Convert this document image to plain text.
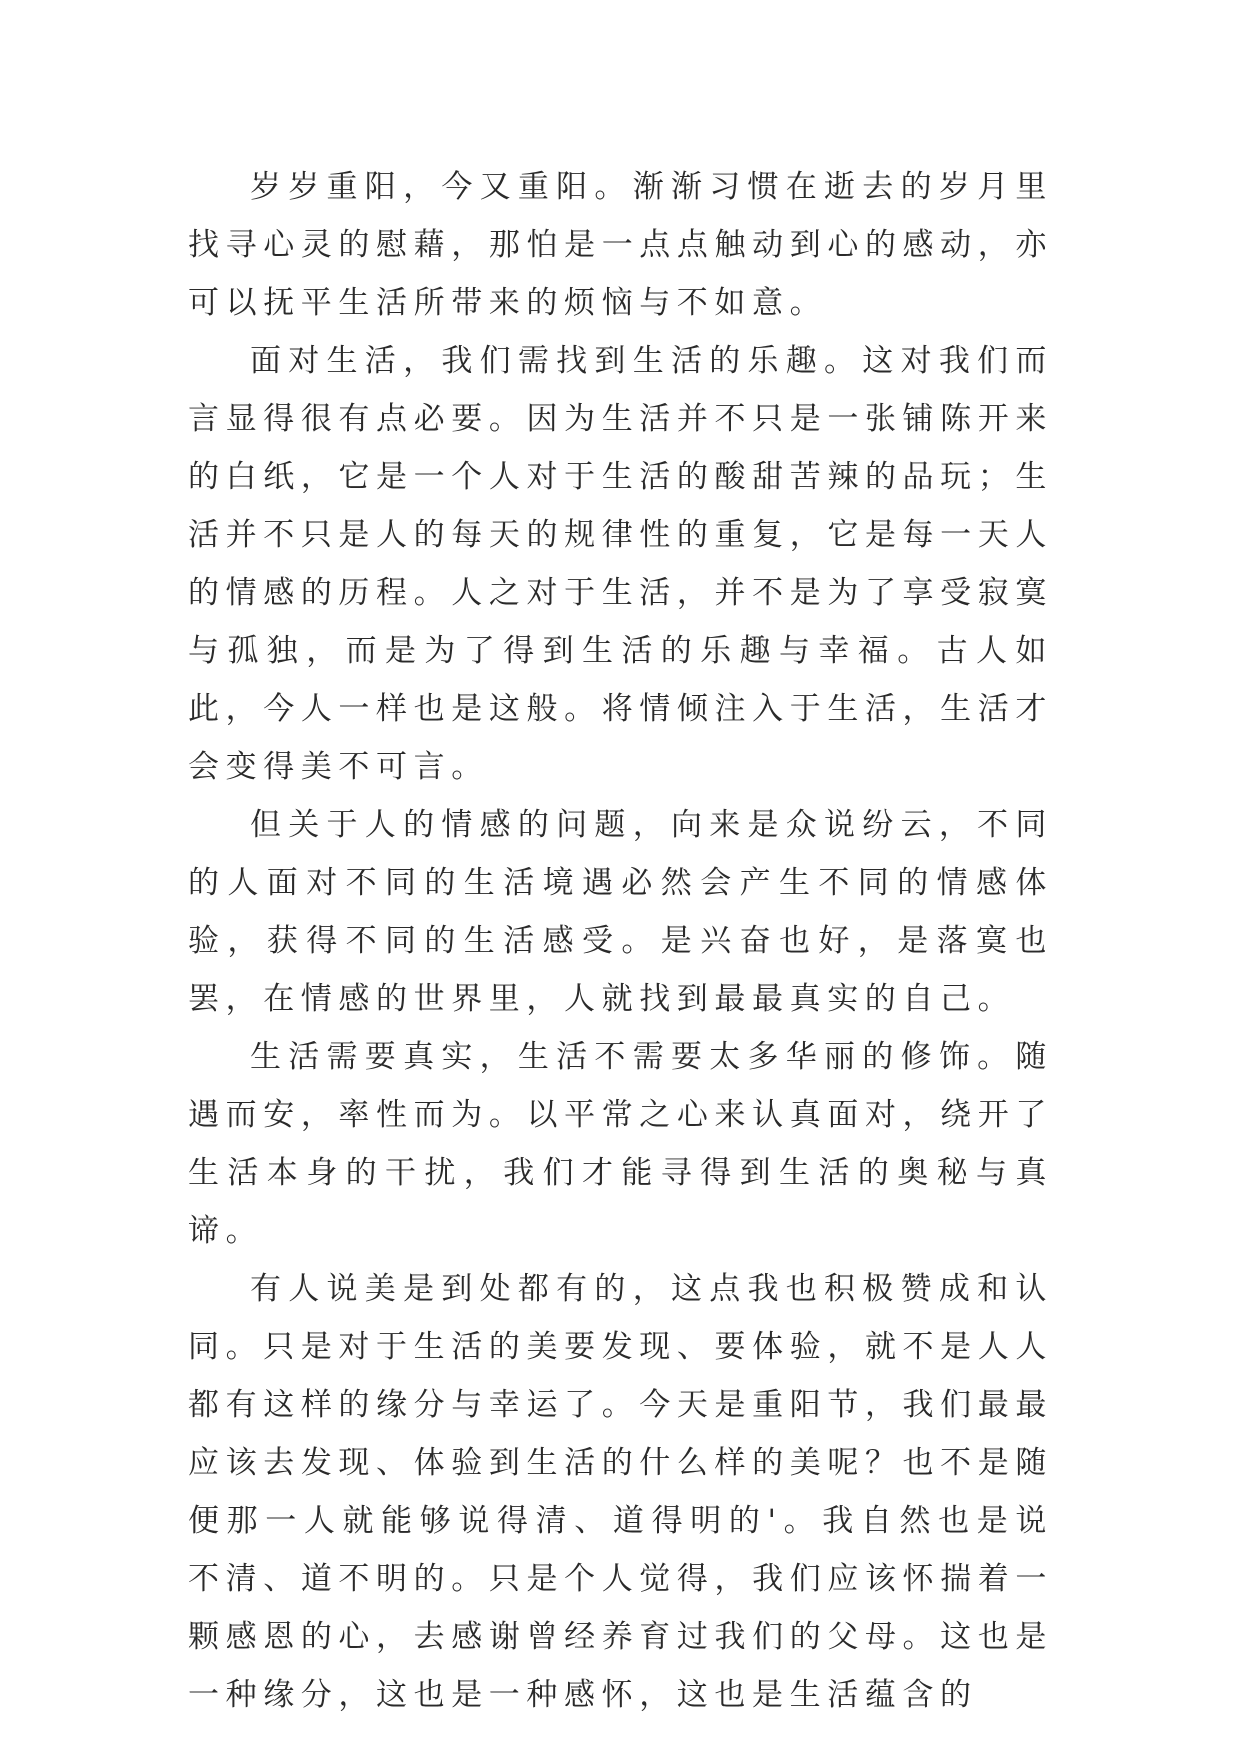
岁岁重阳，今又重阳。渐渐习惯在逝去的岁月里找寻心灵的慰藉，那怕是一点点触动到心的感动，亦可以抚平生活所带来的烦恼与不如意。

面对生活，我们需找到生活的乐趣。这对我们而言显得很有点必要。因为生活并不只是一张铺陈开来的白纸，它是一个人对于生活的酸甜苦辣的品玩；生活并不只是人的每天的规律性的重复，它是每一天人的情感的历程。人之对于生活，并不是为了享受寂寞与孤独，而是为了得到生活的乐趣与幸福。古人如此，今人一样也是这般。将情倾注入于生活，生活才会变得美不可言。

但关于人的情感的问题，向来是众说纷云，不同的人面对不同的生活境遇必然会产生不同的情感体验，获得不同的生活感受。是兴奋也好，是落寞也罢，在情感的世界里，人就找到最最真实的自己。

生活需要真实，生活不需要太多华丽的修饰。随遇而安，率性而为。以平常之心来认真面对，绕开了生活本身的干扰，我们才能寻得到生活的奥秘与真谛。

有人说美是到处都有的，这点我也积极赞成和认同。只是对于生活的美要发现、要体验，就不是人人都有这样的缘分与幸运了。今天是重阳节，我们最最应该去发现、体验到生活的什么样的美呢？也不是随便那一人就能够说得清、道得明的'。我自然也是说不清、道不明的。只是个人觉得，我们应该怀揣着一颗感恩的心，去感谢曾经养育过我们的父母。这也是一种缘分，这也是一种感怀，这也是生活蕴含的
